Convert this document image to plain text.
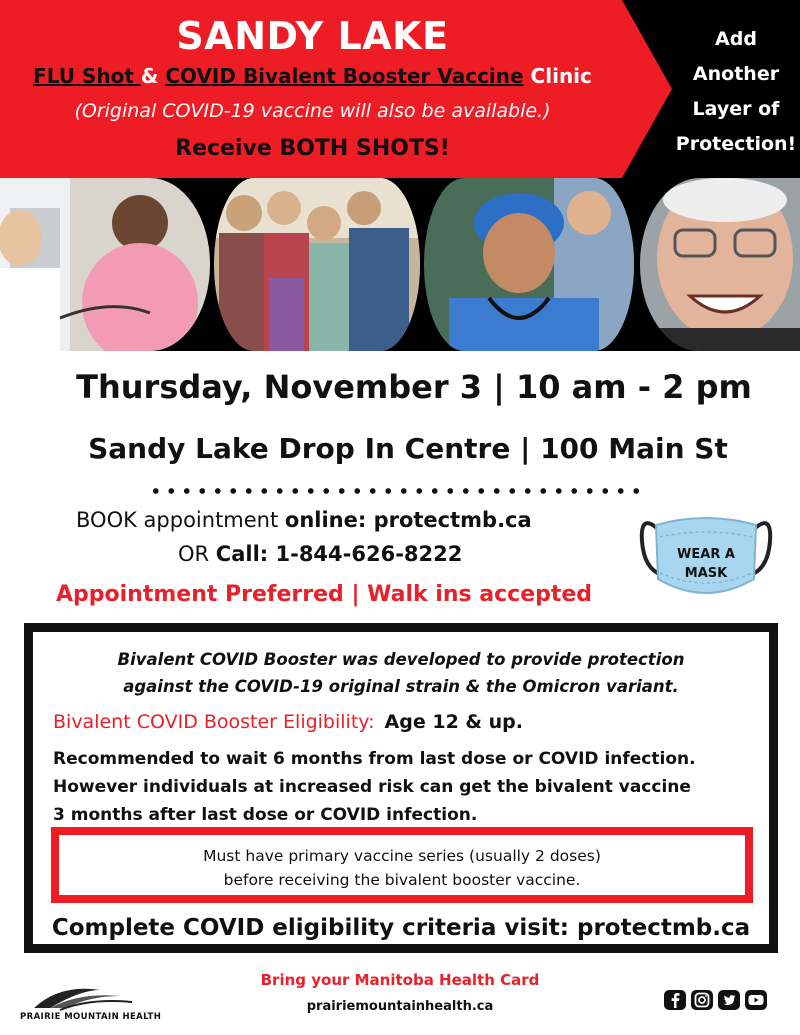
SANDY LAKE
FLU Shot & COVID Bivalent Booster Vaccine Clinic
(Original COVID-19 vaccine will also be available.)
Receive BOTH SHOTS!
Add
Another
Layer of
Protection!
Thursday, November 3 | 10 am - 2 pm
Sandy Lake Drop In Centre | 100 Main St
BOOK appointment online: protectmb.ca
OR Call: 1-844-626-8222
Appointment Preferred | Walk ins accepted
WEAR A
MASK
Bivalent COVID Booster was developed to provide protection
against the COVID-19 original strain & the Omicron variant.
Bivalent COVID Booster Eligibility: Age 12 & up.
Recommended to wait 6 months from last dose or COVID infection.
However individuals at increased risk can get the bivalent vaccine
3 months after last dose or COVID infection.
Must have primary vaccine series (usually 2 doses)
before receiving the bivalent booster vaccine.
Complete COVID eligibility criteria visit: protectmb.ca
PRAIRIE MOUNTAIN HEALTH
Bring your Manitoba Health Card
prairiemountainhealth.ca
